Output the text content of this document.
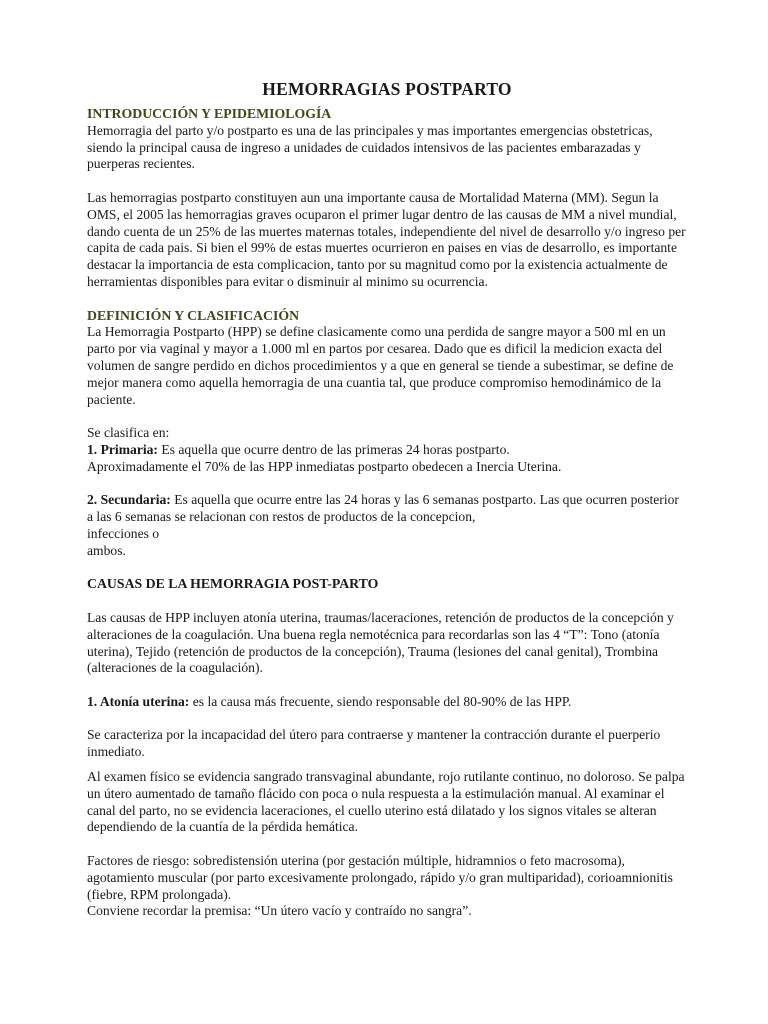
HEMORRAGIAS POSTPARTO
INTRODUCCIÓN Y EPIDEMIOLOGÍA

Hemorragia del parto y/o postparto es una de las principales y mas importantes emergencias obstetricas, siendo la principal causa de ingreso a unidades de cuidados intensivos de las pacientes embarazadas y puerperas recientes.

Las hemorragias postparto constituyen aun una importante causa de Mortalidad Materna (MM). Segun la OMS, el 2005 las hemorragias graves ocuparon el primer lugar dentro de las causas de MM a nivel mundial, dando cuenta de un 25% de las muertes maternas totales, independiente del nivel de desarrollo y/o ingreso per capita de cada pais. Si bien el 99% de estas muertes ocurrieron en paises en vias de desarrollo, es importante destacar la importancia de esta complicacion, tanto por su magnitud como por la existencia actualmente de herramientas disponibles para evitar o disminuir al minimo su ocurrencia.

DEFINICIÓN Y CLASIFICACIÓN

La Hemorragia Postparto (HPP) se define clasicamente como una perdida de sangre mayor a 500 ml en un parto por via vaginal y mayor a 1.000 ml en partos por cesarea. Dado que es dificil la medicion exacta del volumen de sangre perdido en dichos procedimientos y a que en general se tiende a subestimar, se define de mejor manera como aquella hemorragia de una cuantia tal, que produce compromiso hemodinámico de la paciente.

Se clasifica en:

1. Primaria: Es aquella que ocurre dentro de las primeras 24 horas postparto.

Aproximadamente el 70% de las HPP inmediatas postparto obedecen a Inercia Uterina.

2. Secundaria: Es aquella que ocurre entre las 24 horas y las 6 semanas postparto. Las que ocurren posterior a las 6 semanas se relacionan con restos de productos de la concepcion,

infecciones o

ambos.

CAUSAS DE LA HEMORRAGIA POST-PARTO

Las causas de HPP incluyen atonía uterina, traumas/laceraciones, retención de productos de la concepción y alteraciones de la coagulación. Una buena regla nemotécnica para recordarlas son las 4 “T”: Tono (atonía uterina), Tejido (retención de productos de la concepción), Trauma (lesiones del canal genital), Trombina (alteraciones de la coagulación).

1. Atonía uterina: es la causa más frecuente, siendo responsable del 80-90% de las HPP.

Se caracteriza por la incapacidad del útero para contraerse y mantener la contracción durante el puerperio inmediato.

Al examen físico se evidencia sangrado transvaginal abundante, rojo rutilante continuo, no doloroso. Se palpa un útero aumentado de tamaño flácido con poca o nula respuesta a la estimulación manual. Al examinar el canal del parto, no se evidencia laceraciones, el cuello uterino está dilatado y los signos vitales se alteran dependiendo de la cuantía de la pérdida hemática.

Factores de riesgo: sobredistensión uterina (por gestación múltiple, hidramnios o feto macrosoma), agotamiento muscular (por parto excesivamente prolongado, rápido y/o gran multiparidad), corioamnionitis (fiebre, RPM prolongada).

Conviene recordar la premisa: “Un útero vacío y contraído no sangra”.
